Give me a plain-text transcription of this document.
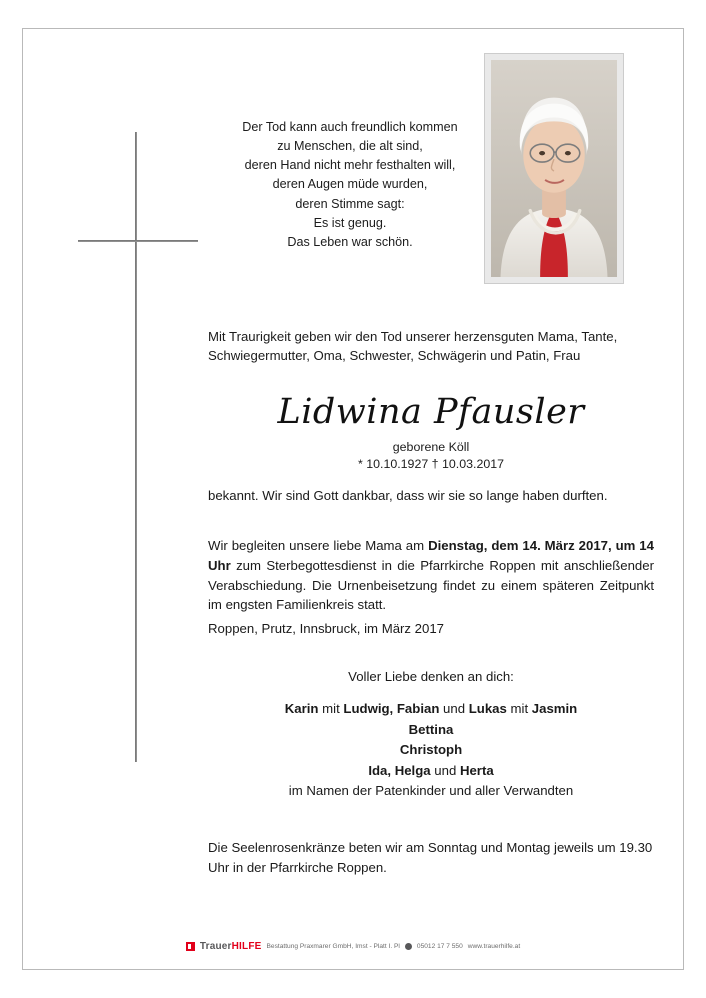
Der Tod kann auch freundlich kommen
zu Menschen, die alt sind,
deren Hand nicht mehr festhalten will,
deren Augen müde wurden,
deren Stimme sagt:
Es ist genug.
Das Leben war schön.
Mit Traurigkeit geben wir den Tod unserer herzensguten Mama, Tante, Schwiegermutter, Oma, Schwester, Schwägerin und Patin, Frau
Lidwina Pfausler
geborene Köll
* 10.10.1927 † 10.03.2017
bekannt. Wir sind Gott dankbar, dass wir sie so lange haben durften.
Wir begleiten unsere liebe Mama am Dienstag, dem 14. März 2017, um 14 Uhr zum Sterbegottesdienst in die Pfarrkirche Roppen mit anschließender Verabschiedung. Die Urnenbeisetzung findet zu einem späteren Zeitpunkt im engsten Familienkreis statt.
Roppen, Prutz, Innsbruck, im März 2017
Voller Liebe denken an dich:
Karin mit Ludwig, Fabian und Lukas mit Jasmin
Bettina
Christoph
Ida, Helga und Herta
im Namen der Patenkinder und aller Verwandten
Die Seelenrosenkränze beten wir am Sonntag und Montag jeweils um 19.30 Uhr in der Pfarrkirche Roppen.
TrauerHILFE Bestattung Praxmarer GmbH, Imst - Platt I. Pl	05012 17 7 550 www.trauerhilfe.at
